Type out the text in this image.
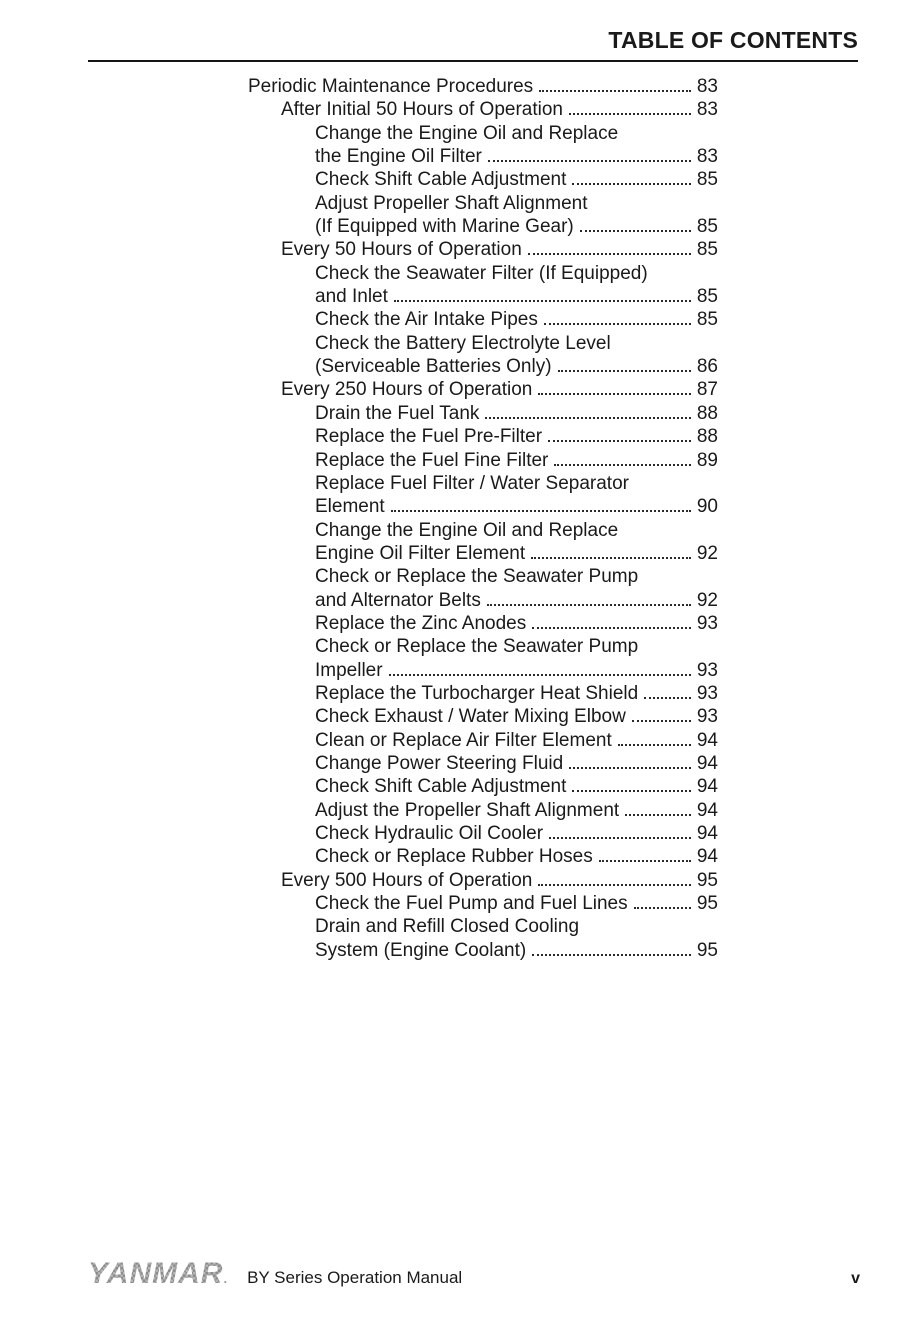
TABLE OF CONTENTS
Periodic Maintenance Procedures	83
After Initial 50 Hours of Operation	83
Change the Engine Oil and Replace
the Engine Oil Filter	83
Check Shift Cable Adjustment	85
Adjust Propeller Shaft Alignment
(If Equipped with Marine Gear)	85
Every 50 Hours of Operation	85
Check the Seawater Filter (If Equipped)
and Inlet	85
Check the Air Intake Pipes	85
Check the Battery Electrolyte Level
(Serviceable Batteries Only)	86
Every 250 Hours of Operation	87
Drain the Fuel Tank	88
Replace the Fuel Pre-Filter	88
Replace the Fuel Fine Filter	89
Replace Fuel Filter / Water Separator
Element	90
Change the Engine Oil and Replace
Engine Oil Filter Element	92
Check or Replace the Seawater Pump
and Alternator Belts	92
Replace the Zinc Anodes	93
Check or Replace the Seawater Pump
Impeller	93
Replace the Turbocharger Heat Shield	93
Check Exhaust / Water Mixing Elbow	93
Clean or Replace Air Filter Element	94
Change Power Steering Fluid	94
Check Shift Cable Adjustment	94
Adjust the Propeller Shaft Alignment	94
Check Hydraulic Oil Cooler	94
Check or Replace Rubber Hoses	94
Every 500 Hours of Operation	95
Check the Fuel Pump and Fuel Lines	95
Drain and Refill Closed Cooling
System (Engine Coolant)	95
YANMAR. BY Series Operation Manual	v
